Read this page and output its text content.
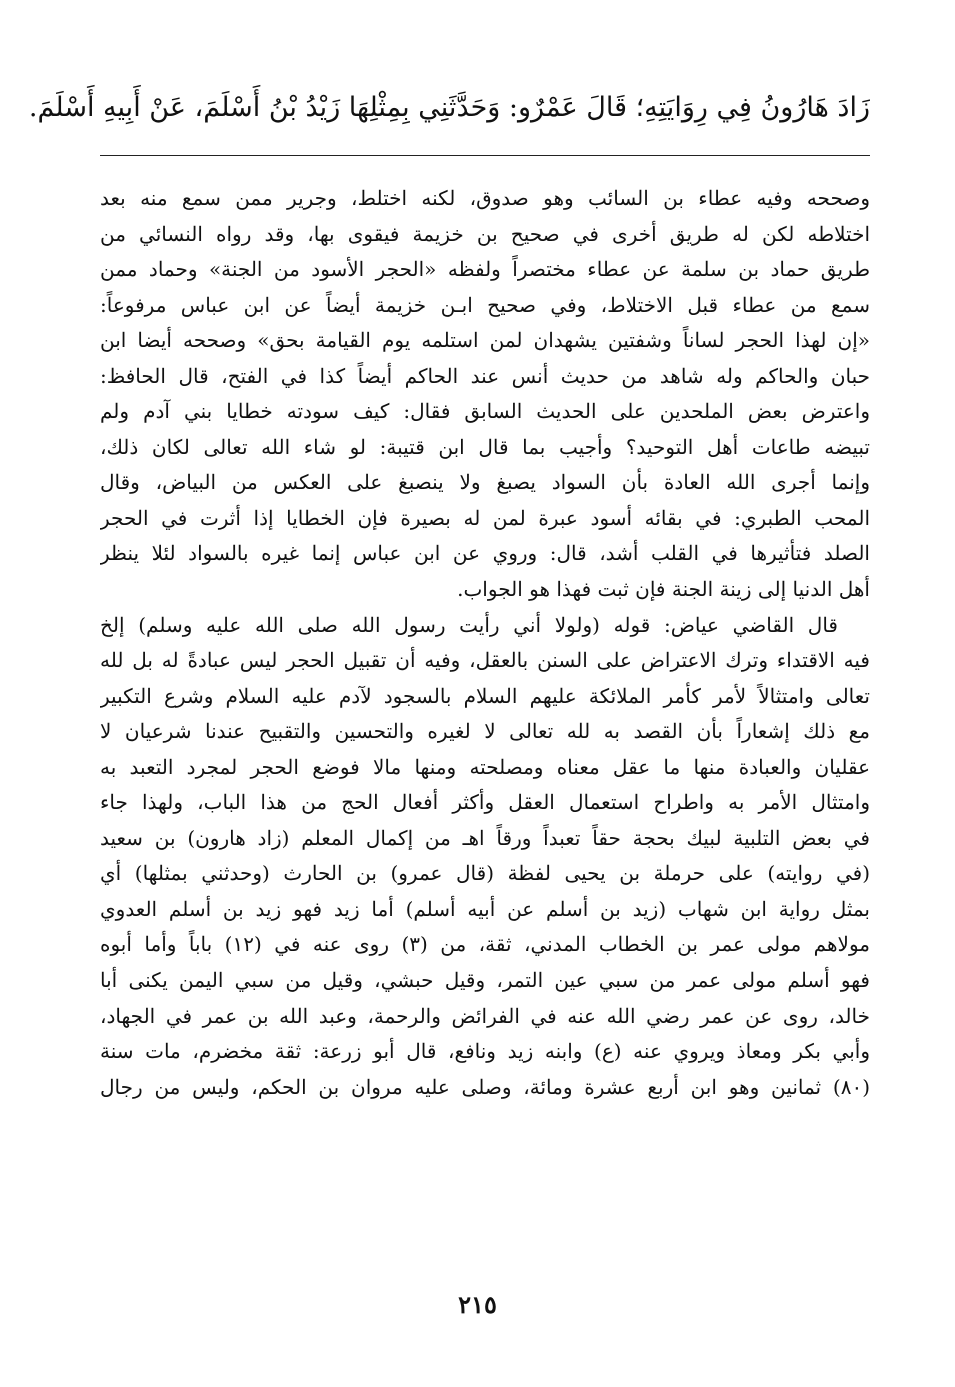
زَادَ هَارُونُ فِي رِوَايَتِهِ؛ قَالَ عَمْرٌو: وَحَدَّثَنِي بِمِثْلِهَا زَيْدُ بْنُ أَسْلَمَ، عَنْ أَبِيهِ أَسْلَمَ.
وصححه وفيه عطاء بن السائب وهو صدوق، لكنه اختلط، وجرير ممن سمع منه بعد
اختلاطه لكن له طريق أخرى في صحيح بن خزيمة فيقوى بها، وقد رواه النسائي من
طريق حماد بن سلمة عن عطاء مختصراً ولفظه «الحجر الأسود من الجنة» وحماد ممن
سمع من عطاء قبل الاختلاط، وفي صحيح ابـن خزيمة أيضاً عن ابن عباس مرفوعاً:
«إن لهذا الحجر لساناً وشفتين يشهدان لمن استلمه يوم القيامة بحق» وصححه أيضا ابن
حبان والحاكم وله شاهد من حديث أنس عند الحاكم أيضاً كذا في الفتح، قال الحافظ:
واعترض بعض الملحدين على الحديث السابق فقال: كيف سودته خطايا بني آدم ولم
تبيضه طاعات أهل التوحيد؟ وأجيب بما قال ابن قتيبة: لو شاء الله تعالى لكان ذلك،
وإنما أجرى الله العادة بأن السواد يصبغ ولا ينصبغ على العكس من البياض، وقال
المحب الطبري: في بقائه أسود عبرة لمن له بصيرة فإن الخطايا إذا أثرت في الحجر
الصلد فتأثيرها في القلب أشد، قال: وروي عن ابن عباس إنما غيره بالسواد لئلا ينظر
أهل الدنيا إلى زينة الجنة فإن ثبت فهذا هو الجواب.
قال القاضي عياض: قوله (ولولا أني رأيت رسول الله صلى الله عليه وسلم) إلخ
فيه الاقتداء وترك الاعتراض على السنن بالعقل، وفيه أن تقبيل الحجر ليس عبادةً له بل لله
تعالى وامتثالاً لأمر كأمر الملائكة عليهم السلام بالسجود لآدم عليه السلام وشرع التكبير
مع ذلك إشعاراً بأن القصد به لله تعالى لا لغيره والتحسين والتقبيح عندنا شرعيان لا
عقليان والعبادة منها ما عقل معناه ومصلحته ومنها مالا فوضع الحجر لمجرد التعبد به
وامتثال الأمر به واطراح استعمال العقل وأكثر أفعال الحج من هذا الباب، ولهذا جاء
في بعض التلبية لبيك بحجة حقاً تعبداً ورقاً اهـ من إكمال المعلم (زاد هارون) بن سعيد
(في روايته) على حرملة بن يحيى لفظة (قال عمرو) بن الحارث (وحدثني بمثلها) أي
بمثل رواية ابن شهاب (زيد بن أسلم عن أبيه أسلم) أما زيد فهو زيد بن أسلم العدوي
مولاهم مولى عمر بن الخطاب المدني، ثقة، من (٣) روى عنه في (١٢) باباً وأما أبوه
فهو أسلم مولى عمر من سبي عين التمر، وقيل حبشي، وقيل من سبي اليمن يكنى أبا
خالد، روى عن عمر رضي الله عنه في الفرائض والرحمة، وعبد الله بن عمر في الجهاد،
وأبي بكر ومعاذ ويروي عنه (ع) وابنه زيد ونافع، قال أبو زرعة: ثقة مخضرم، مات سنة
(٨٠) ثمانين وهو ابن أربع عشرة ومائة، وصلى عليه مروان بن الحكم، وليس من رجال
٢١٥
